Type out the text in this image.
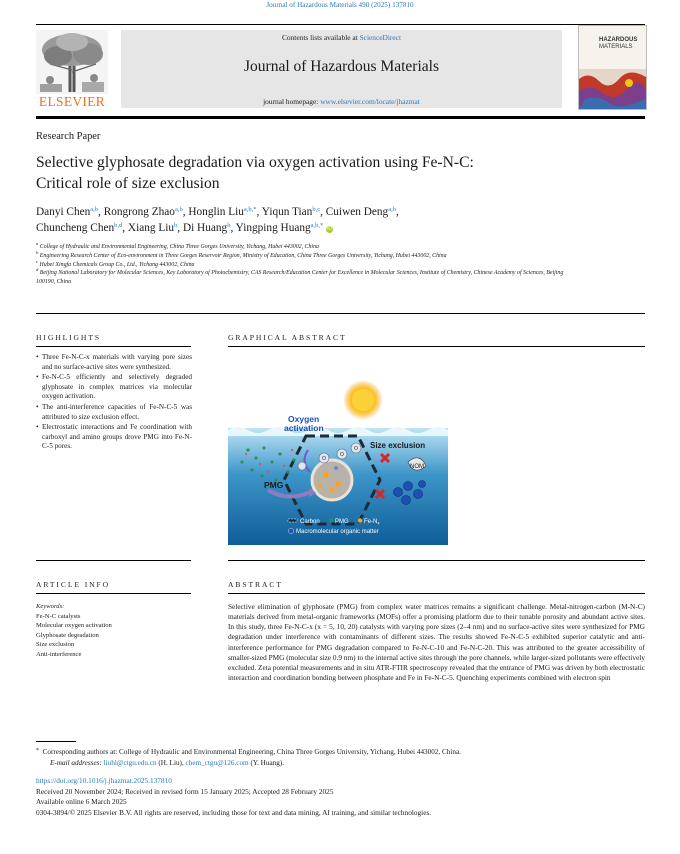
Journal of Hazardous Materials 490 (2025) 137810
ELSEVIER
Contents lists available at ScienceDirect
Journal of Hazardous Materials
journal homepage: www.elsevier.com/locate/jhazmat
HAZARDOUS
MATERIALS
Research Paper
Selective glyphosate degradation via oxygen activation using Fe-N-C:
Critical role of size exclusion
Danyi Chen$^{a,b}$, Rongrong Zhao$^{a,b}$, Honglin Liu$^{a,b,*}$, Yiqun Tian$^{b,c}$, Cuiwen Deng$^{a,b}$,
Chuncheng Chen$^{b,d}$, Xiang Liu$^b$, Di Huang$^b$, Yingping Huang$^{a,b,*}$ iD
$^a$ College of Hydraulic and Environmental Engineering, China Three Gorges University, Yichang, Hubei 443002, China
$^b$ Engineering Research Center of Eco-environment in Three Gorges Reservoir Region, Ministry of Education, China Three Gorges University, Yichang, Hubei 443002, China
$^c$ Hubei Xingfa Chemicals Group Co., Ltd., Yichang 443002, China
$^d$ Beijing National Laboratory for Molecular Sciences, Key Laboratory of Photochemistry, CAS Research/Education Center for Excellence in Molecular Sciences, Institute of Chemistry, Chinese Academy of Sciences, Beijing 100190, China
HIGHLIGHTS
• Three Fe-N-C-x materials with varying pore sizes and no surface-active sites were synthesized.
• Fe-N-C-5 efficiently and selectively degraded glyphosate in complex matrices via molecular oxygen activation.
• The anti-interference capacities of Fe-N-C-5 was attributed to size exclusion effect.
• Electrostatic interactions and Fe coordination with carboxyl and amino groups drove PMG into Fe-N-C-5 pores.
GRAPHICAL ABSTRACT
O
O
O
NOM
Oxygen
activation
Size exclusion
PMG
Carbon	PMG	$Fe-N_4$
Macromolecular organic matter
ARTICLE INFO
Keywords:
Fe-N-C catalysts
Molecular oxygen activation
Glyphosate degradation
Size exclusion
Anti-interference
ABSTRACT
Selective elimination of glyphosate (PMG) from complex water matrices remains a significant challenge. Metal-nitrogen-carbon (M-N-C) materials derived from metal-organic frameworks (MOFs) offer a promising platform due to their tunable porosity and abundant active sites. In this study, three Fe-N-C-x (x = 5, 10, 20) catalysts with varying pore sizes (2–4 nm) and no surface-active sites were synthesized for PMG degradation under interference with contaminants of different sizes. The results showed Fe-N-C-5 exhibited superior catalytic and anti-interference performance for PMG degradation compared to Fe-N-C-10 and Fe-N-C-20. This was attributed to the greater accessibility of smaller-sized PMG (molecular size 0.9 nm) to the internal active sites through the pore channels, while larger-sized pollutants were effectively excluded. Zeta potential measurements and in situ ATR-FTIR spectroscopy revealed that the entrance of PMG was driven by both electrostatic interaction and coordination bonding between phosphate and Fe in Fe-N-C-5. Quenching experiments combined with electron spin
* Corresponding authors at: College of Hydraulic and Environmental Engineering, China Three Gorges University, Yichang, Hubei 443002, China.
E-mail addresses: liuhl@ctgu.edu.cn (H. Liu), chem_ctgu@126.com (Y. Huang).
https://doi.org/10.1016/j.jhazmat.2025.137810
Received 20 November 2024; Received in revised form 15 January 2025; Accepted 28 February 2025
Available online 6 March 2025
0304-3894/© 2025 Elsevier B.V. All rights are reserved, including those for text and data mining, AI training, and similar technologies.
